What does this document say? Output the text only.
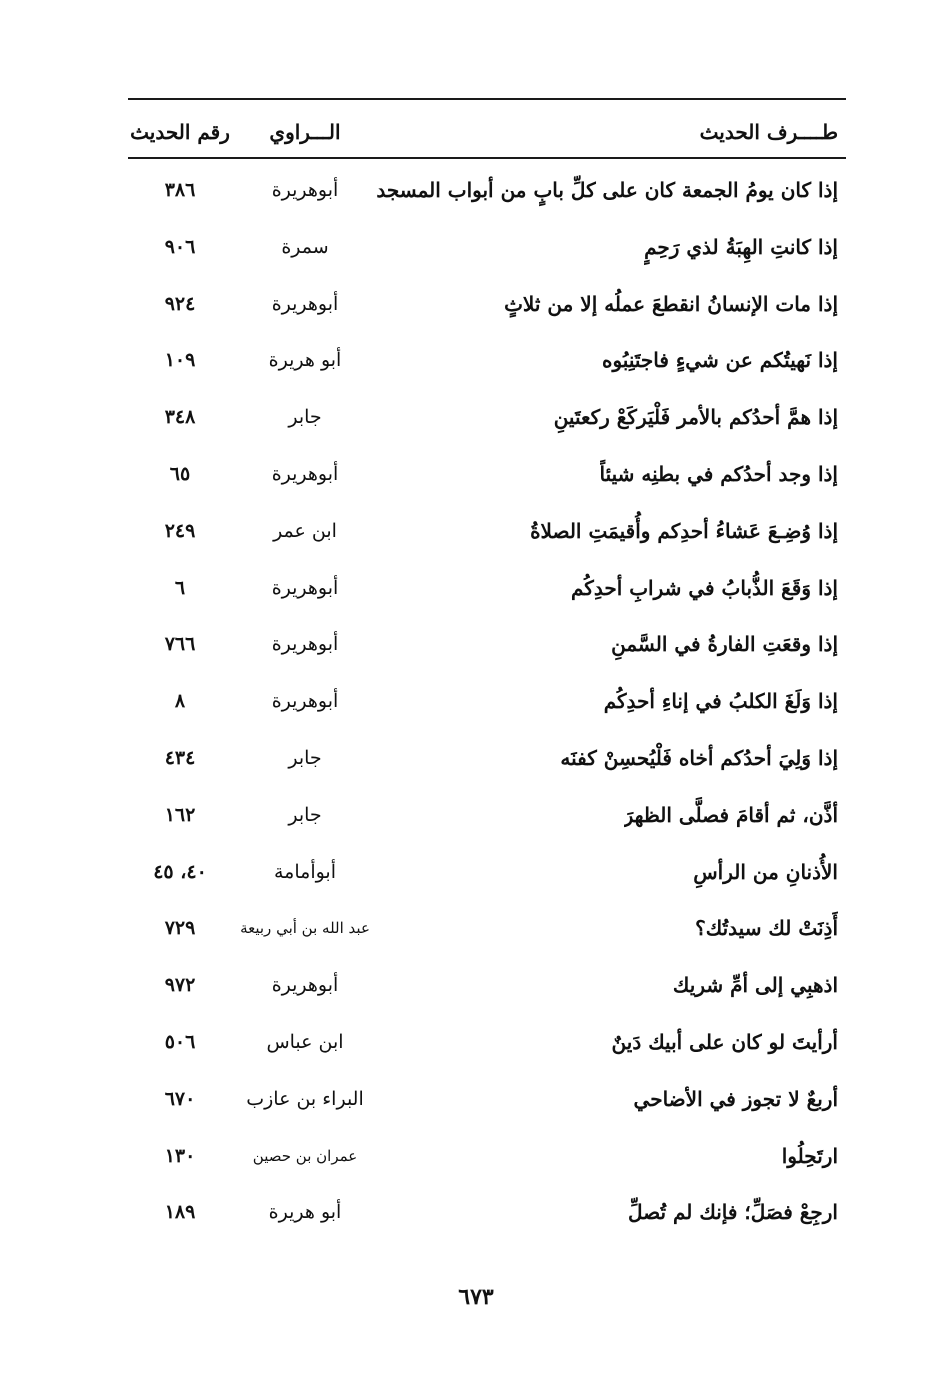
طــــرف الحديث
الـــراوي
رقم الحديث
إذا كان يومُ الجمعة كان على كلِّ بابٍ من أبواب المسجد
أبوهريرة
٣٨٦
إذا كانتِ الهِبَةُ لذي رَحِمٍ
سمرة
٩٠٦
إذا مات الإنسانُ انقطعَ عملُه إلا من ثلاثٍ
أبوهريرة
٩٢٤
إذا نَهيتُكم عن شيءٍ فاجتَنِبُوه
أبو هريرة
١٠٩
إذا همَّ أحدُكم بالأمر فَلْيَركَعْ ركعتَينِ
جابر
٣٤٨
إذا وجد أحدُكم في بطنِه شيئاً
أبوهريرة
٦٥
إذا وُضِـعَ عَشاءُ أحدِكم وأُقيمَتِ الصلاةُ
ابن عمر
٢٤٩
إذا وَقَعَ الذُّبابُ في شرابِ أحدِكُم
أبوهريرة
٦
إذا وقعَتِ الفارةُ في السَّمنِ
أبوهريرة
٧٦٦
إذا وَلَغَ الكلبُ في إناءِ أحدِكُم
أبوهريرة
٨
إذا وَلِيَ أحدُكم أخاه فَلْيُحسِنْ كفنَه
جابر
٤٣٤
أذَّن، ثم أقامَ فصلَّى الظهرَ
جابر
١٦٢
الأُذنانِ من الرأسِ
أبوأمامة
٤٠، ٤٥
أَذِنَتْ لك سيدتُك؟
عبد الله بن أبي ربيعة
٧٢٩
اذهبِي إلى أمِّ شريك
أبوهريرة
٩٧٢
أرأيتَ لو كان على أبيك دَينٌ
ابن عباس
٥٠٦
أربعٌ لا تجوز في الأضاحي
البراء بن عازب
٦٧٠
ارتَحِلُوا
عمران بن حصين
١٣٠
ارجِعْ فصَلِّ؛ فإنك لم تُصلِّ
أبو هريرة
١٨٩
٦٧٣
